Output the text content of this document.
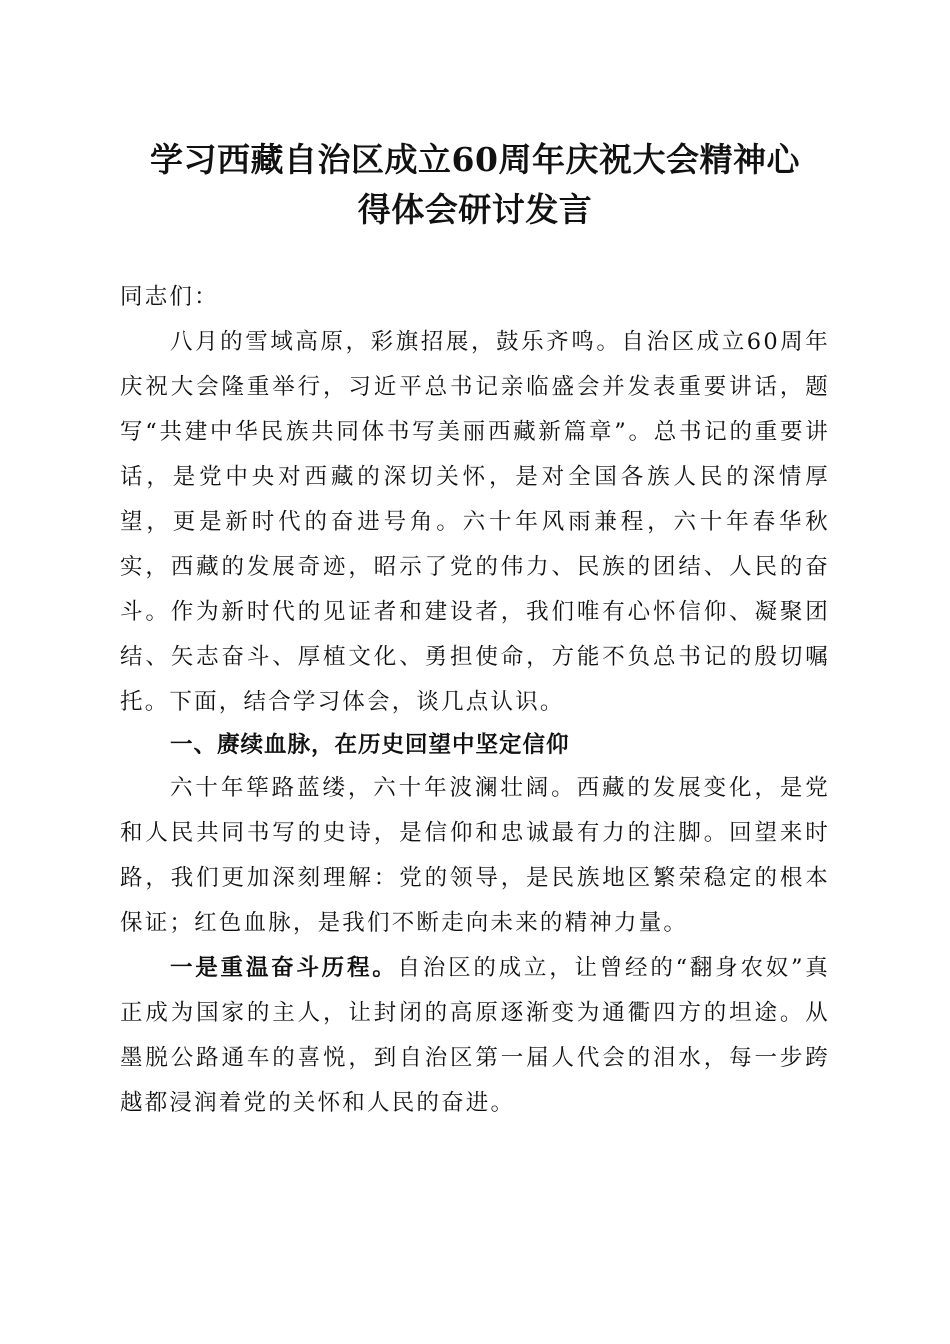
学习西藏自治区成立60周年庆祝大会精神心
得体会研讨发言

同志们：

八月的雪域高原，彩旗招展，鼓乐齐鸣。自治区成立60周年庆祝大会隆重举行，习近平总书记亲临盛会并发表重要讲话，题写“共建中华民族共同体书写美丽西藏新篇章”。总书记的重要讲话，是党中央对西藏的深切关怀，是对全国各族人民的深情厚望，更是新时代的奋进号角。六十年风雨兼程，六十年春华秋实，西藏的发展奇迹，昭示了党的伟力、民族的团结、人民的奋斗。作为新时代的见证者和建设者，我们唯有心怀信仰、凝聚团结、矢志奋斗、厚植文化、勇担使命，方能不负总书记的殷切嘱托。下面，结合学习体会，谈几点认识。

一、赓续血脉，在历史回望中坚定信仰

六十年筚路蓝缕，六十年波澜壮阔。西藏的发展变化，是党和人民共同书写的史诗，是信仰和忠诚最有力的注脚。回望来时路，我们更加深刻理解：党的领导，是民族地区繁荣稳定的根本保证；红色血脉，是我们不断走向未来的精神力量。

一是重温奋斗历程。自治区的成立，让曾经的“翻身农奴”真正成为国家的主人，让封闭的高原逐渐变为通衢四方的坦途。从墨脱公路通车的喜悦，到自治区第一届人代会的泪水，每一步跨越都浸润着党的关怀和人民的奋进。
